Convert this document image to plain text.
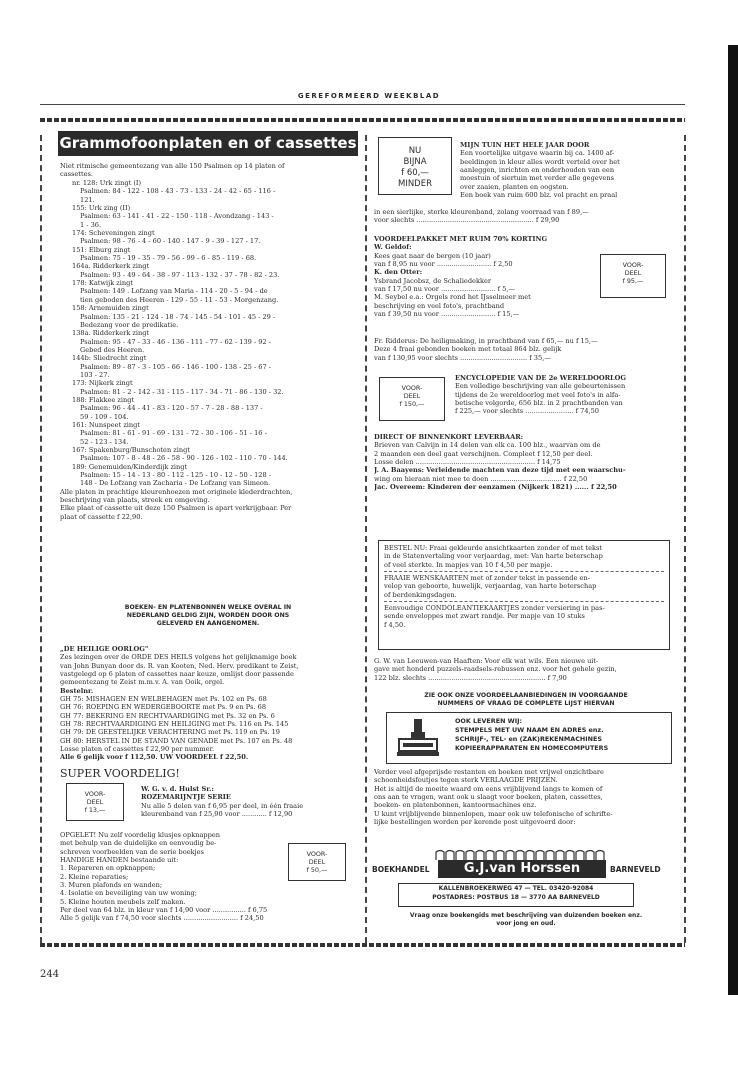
GEREFORMEERD WEEKBLAD
Grammofoonplaten en of cassettes
Niet ritmische gemeentezang van alle 150 Psalmen op 14 platen of
cassettes.
nr. 128: Urk zingt (I)
Psalmen: 84 - 122 - 108 - 43 - 73 - 133 - 24 - 42 - 65 - 116 -
121.
155: Urk zing (II)
Psalmen: 63 - 141 - 41 - 22 - 150 - 118 - Avondzang - 143 -
1 - 36.
174: Scheveningen zingt
Psalmen: 98 - 76 - 4 - 60 - 140 - 147 - 9 - 39 - 127 - 17.
151: Elburg zingt
Psalmen: 75 - 19 - 35 - 79 - 56 - 99 - 6 - 85 - 119 - 68.
164a. Ridderkerk zingt
Psalmen: 93 - 49 - 64 - 38 - 97 - 113 - 132 - 37 - 78 - 82 - 23.
178: Katwijk zingt
Psalmen: 149 . Lofzang van Maria - 114 - 20 - 5 - 94 - de
tien geboden des Heeren - 129 - 55 - 11 - 53 - Morgenzang.
158: Arnemuiden zingt
Psalmen: 135 - 21 - 124 - 18 - 74 - 145 - 54 - 101 - 45 - 29 -
Bedezang voor de predikatie.
138a. Ridderkerk zingt
Psalmen: 95 - 47 - 33 - 46 - 136 - 111 - 77 - 62 - 139 - 92 -
Gebed des Heeren.
144b: Sliedrecht zingt
Psalmen: 89 - 87 - 3 - 105 - 66 - 146 - 100 - 138 - 25 - 67 -
103 - 27.
173: Nijkerk zingt
Psalmen: 81 - 2 - 142 - 31 - 115 - 117 - 34 - 71 - 86 - 130 - 32.
188: Flakkee zingt
Psalmen: 96 - 44 - 41 - 83 - 120 - 57 - 7 - 28 - 88 - 137 -
59 - 109 - 104.
161: Nunspeet zingt
Psalmen: 81 - 61 - 91 - 69 - 131 - 72 - 30 - 106 - 51 - 16 -
52 - 123 - 134.
167: Spakenburg/Bunschoten zingt
Psalmen: 107 - 8 - 48 - 26 - 58 - 90 - 126 - 102 - 110 - 70 - 144.
189: Genemuiden/Kinderdijk zingt
Psalmen: 15 - 14 - 13 - 80 - 112 - 125 - 10 - 12 - 50 - 128 -
148 - De Lofzang van Zacharia - De Lofzang van Simeon.
Alle platen in prachtige kleurenhoezen met originele klederdrachten,
beschrijving van plaats, streek en omgeving.
Elke plaat of cassette uit deze 150 Psalmen is apart verkrijgbaar. Per
plaat of cassette f 22,90.
BOEKEN- EN PLATENBONNEN WELKE OVERAL IN
NEDERLAND GELDIG ZIJN, WORDEN DOOR ONS
GELEVERD EN AANGENOMEN.
„DE HEILIGE OORLOG"
Zes lezingen over de ORDE DES HEILS volgens het gelijknamige boek
van John Bunyan door ds. R. van Kooten, Ned. Herv. predikant te Zeist,
vastgelegd op 6 platen of cassettes naar keuze, omlijst door passende
gemeentezang te Zeist m.m.v. A. van Ooik, orgel.
Bestelnr.
GH 75: MISHAGEN EN WELBEHAGEN met Ps. 102 en Ps. 68
GH 76: ROEPING EN WEDERGEBOORTE met Ps. 9 en Ps. 68
GH 77: BEKERING EN RECHTVAARDIGING met Ps. 32 en Ps. 6
GH 78: RECHTVAARDIGING EN HEILIGING met Ps. 116 en Ps. 145
GH 79: DE GEESTELIJKE VERACHTERING met Ps. 119 en Ps. 19
GH 80: HERSTEL IN DE STAND VAN GENADE met Ps. 107 en Ps. 48
Losse platen of cassettes f 22,90 per nummer.
Alle 6 gelijk voor f 112,50. UW VOORDEEL f 22,50.
SUPER VOORDELIG!
VOOR-
DEEL
f 13,—
W. G. v. d. Hulst Sr.:
ROZEMARIJNTJE SERIE
Nu alle 5 delen van f 6,95 per deel, in één fraaie
kleurenband van f 25,90 voor ............ f 12,90
OPGELET! Nu zelf voordelig klusjes opknappen
met behulp van de duidelijke en eenvoudig be-
schreven voorbeelden van de serie boekjes
HANDIGE HANDEN bestaande uit:
1. Repareren en opknappen;
2. Kleine reparaties;
3. Muren plafonds en wanden;
4. Isolatie en beveiliging van uw woning;
5. Kleine houten meubels zelf maken.
Per deel van 64 blz. in kleur van f 14,90 voor ................ f 6,75
Alle 5 gelijk van f 74,50 voor slechts .......................... f 24,50
VOOR-
DEEL
f 50,—
NU
BIJNA
f 60,—
MINDER
MIJN TUIN HET HELE JAAR DOOR
Een voortelijke uitgave waarin bij ca. 1400 af-
beeldingen in kleur alles wordt verteld over het
aanleggen, inrichten en onderhouden van een
moestuin of siertuin met verder alle gegevens
over zaaien, planten en oogsten.
Een boek van ruim 600 blz. vol pracht en praal
in een sierlijke, sterke kleurenband, zolang voorraad van f 89,—
voor slechts ........................................................ f 29,90
VOORDEELPAKKET MET RUIM 70% KORTING
W. Geldof:
Kees gaat naar de bergen (10 jaar)
van f 8,95 nu voor .......................... f 2,50
K. den Otter:
Ysbrand Jacobsz, de Schaliedekker
van f 17,50 nu voor .......................... f 5,—
M. Seybel e.a.: Orgels rond het IJsselmeer met
beschrijving en veel foto's, prachtband
van f 39,50 nu voor .......................... f 15,—
VOOR-
DEEL
f 95,—
Fr. Ridderus: De heiligmaking, in prachtband van f 65,— nu f 15,—
Deze 4 fraai gebonden boeken met totaal 864 blz. gelijk
van f 130,95 voor slechts ................................ f 35,—
VOOR-
DEEL
f 150,—
ENCYCLOPEDIE VAN DE 2e WERELDOORLOG
Een volledige beschrijving van alle gebeurtenissen
tijdens de 2e wereldoorlog met veel foto's in alfa-
betische volgorde, 656 blz. in 2 prachtbanden van
f 225,— voor slechts ....................... f 74,50
DIRECT OF BINNENKORT LEVERBAAR:
Brieven van Calvijn in 14 delen van elk ca. 100 blz., waarvan om de
2 maanden een deel gaat verschijnen. Compleet f 12,50 per deel.
Losse delen ......................................................... f 14,75
J. A. Baayens: Verleidende machten van deze tijd met een waarschu-
wing om hieraan niet mee te doen .................................. f 22,50
Jac. Overeem: Kinderen der eenzamen (Nijkerk 1821) ...... f 22,50
BESTEL NU: Fraai gekleurde ansichtkaarten zonder of met tekst
in de Statenvertaling voor verjaardag, met: Van harte beterschap
of veel sterkte. In mapjes van 10 f 4,50 per mapje.
FRAAIE WENSKAARTEN met of zonder tekst in passende en-
velop van geboorte, huwelijk, verjaardag, van harte beterschap
of berdenkingsdagen.
Eenvoudige CONDOLEANTIEKAARTJES zonder versiering in pas-
sende enveloppes met zwart randje. Per mapje van 10 stuks
f 4,50.
G. W. van Leeuwen-van Haaften: Voor elk wat wils. Een nieuwe uit-
gave met honderd puzzels-raadsels-rebussen enz. voor het gehele gezin,
122 blz. slechts ........................................................ f 7,90
ZIE OOK ONZE VOORDEELAANBIEDINGEN IN VOORGAANDE
NUMMERS OF VRAAG DE COMPLETE LIJST HIERVAN
OOK LEVEREN WIJ:
STEMPELS MET UW NAAM EN ADRES enz.
SCHRIJF-, TEL- en (ZAK)REKENMACHINES
KOPIEERAPPARATEN EN HOMECOMPUTERS
Verder veel afgeprijsde restanten en boeken met vrijwel onzichtbare
schoonheidsfoutjes tegen sterk VERLAAGDE PRIJZEN.
Het is altijd de moeite waard om eens vrijblijvend langs te komen of
ons aan te vragen, want ook u slaagt voor boeken, platen, cassettes,
boeken- en platenbonnen, kantoormachines enz.
U kunt vrijblijvende binnenlopen, maar ook uw telefonische of schrifte-
lijke bestellingen worden per kerende post uitgevoerd door:
BOEKHANDEL	G.J.van Horssen	BARNEVELD
KALLENBROEKERWEG 47 — TEL. 03420-92084
POSTADRES: POSTBUS 18 — 3770 AA BARNEVELD
Vraag onze boekengids met beschrijving van duizenden boeken enz.
voor jong en oud.
244
